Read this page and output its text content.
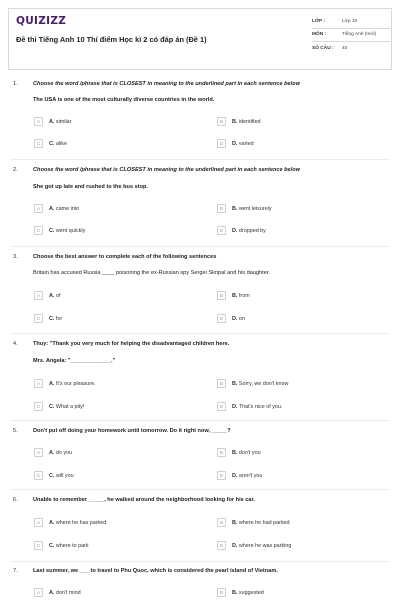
QUIZIZZ
Đề thi Tiếng Anh 10 Thí điểm Học kì 2 có đáp án (Đề 1)
LỚP :	Lớp 10
MÔN :	Tiếng Anh (mới)
SỐ CÂU :	40
1.	Choose the word /phrase that is CLOSEST in meaning to the underlined part in each sentence below
The USA is one of the most culturally diverse countries in the world.
A	A. similar	B	B. identified
C	C. alike	D	D. varied
2.	Choose the word /phrase that is CLOSEST in meaning to the underlined part in each sentence below
She got up late and rushed to the bus stop.
A	A. came into	B	B. went leisurely
C	C. went quickly	D	D. dropped by
3.	Choose the best answer to complete each of the following sentences
Britain has accused Russia ____ poisoning the ex-Russian spy Sergei Skripal and his daughter.
A	A. of	B	B. from
C	C. for	D	D. on
4.	Thuy: "Thank you very much for helping the disadvantaged children here.
Mrs. Angela: "_____________."
A	A. It's our pleasure.	B	B. Sorry, we don't know
C	C. What a pity!	D	D. That's nice of you.
5.	Don't put off doing your homework until tomorrow. Do it right now, _____?
A	A. do you	B	B. don't you
C	C. will you	D	D. aren't you
6.	Unable to remember _____, he walked around the neighborhood looking for his car.
A	A. where he has parked	B	B. where he had parked
C	C. where to park	D	D. where he was parking
7.	Last summer, we ___ to travel to Phu Quoc, which is considered the pearl island of Vietnam.
A	A. don't mind	B	B. suggested
